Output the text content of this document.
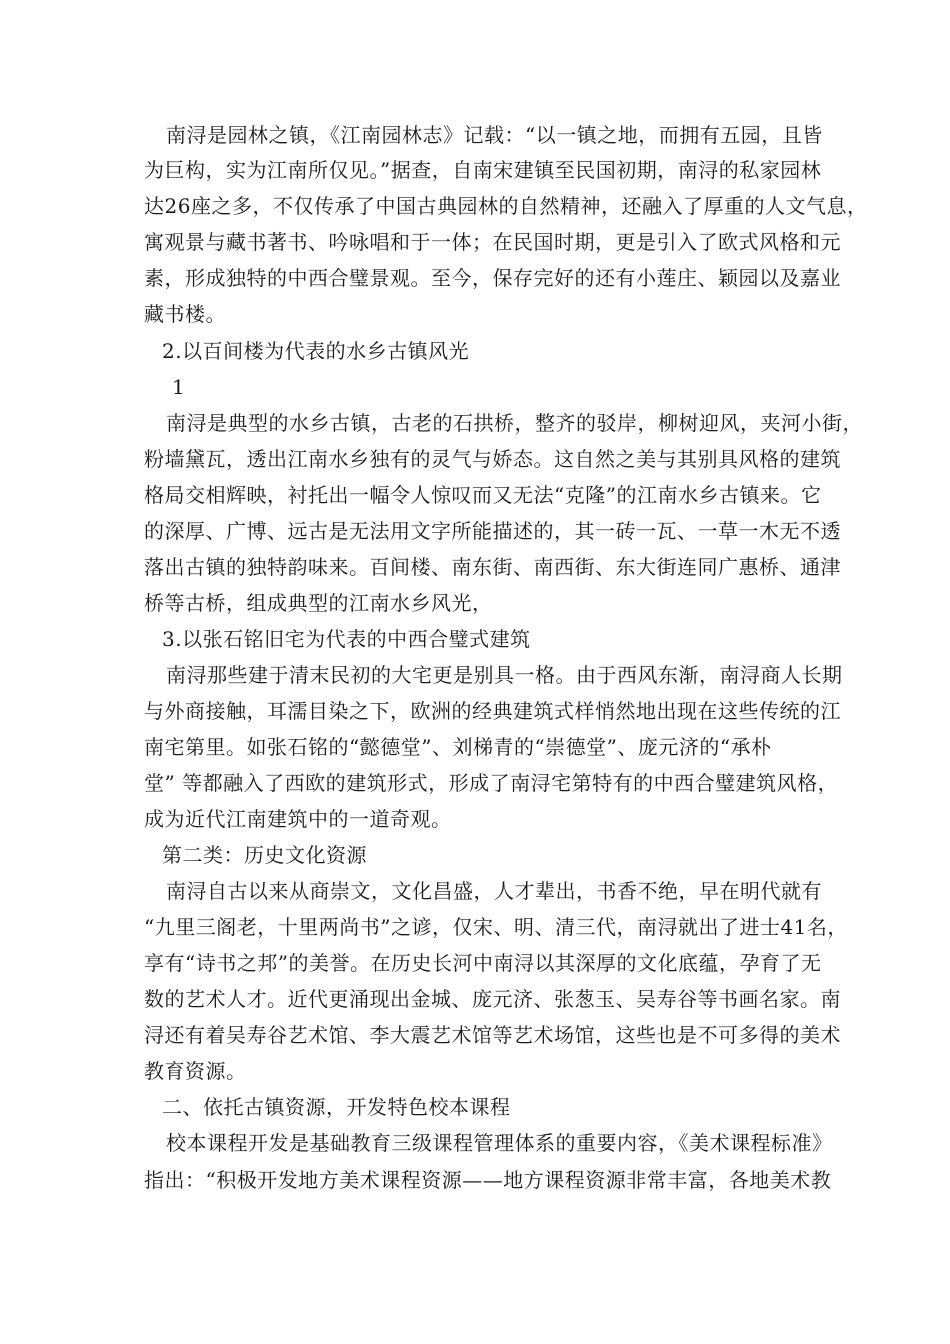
南浔是园林之镇，《江南园林志》记载：“以一镇之地，而拥有五园，且皆
为巨构，实为江南所仅见。”据查，自南宋建镇至民国初期，南浔的私家园林
达26座之多，不仅传承了中国古典园林的自然精神，还融入了厚重的人文气息，
寓观景与藏书著书、吟咏唱和于一体；在民国时期，更是引入了欧式风格和元
素，形成独特的中西合璧景观。至今，保存完好的还有小莲庄、颖园以及嘉业
藏书楼。
2.以百间楼为代表的水乡古镇风光
1
南浔是典型的水乡古镇，古老的石拱桥，整齐的驳岸，柳树迎风，夹河小街，
粉墙黛瓦，透出江南水乡独有的灵气与娇态。这自然之美与其别具风格的建筑
格局交相辉映，衬托出一幅令人惊叹而又无法“克隆”的江南水乡古镇来。它
的深厚、广博、远古是无法用文字所能描述的，其一砖一瓦、一草一木无不透
落出古镇的独特韵味来。百间楼、南东街、南西街、东大街连同广惠桥、通津
桥等古桥，组成典型的江南水乡风光，
3.以张石铭旧宅为代表的中西合璧式建筑
南浔那些建于清末民初的大宅更是别具一格。由于西风东渐，南浔商人长期
与外商接触，耳濡目染之下，欧洲的经典建筑式样悄然地出现在这些传统的江
南宅第里。如张石铭的“懿德堂”、刘梯青的“崇德堂”、庞元济的“承朴
堂” 等都融入了西欧的建筑形式，形成了南浔宅第特有的中西合璧建筑风格，
成为近代江南建筑中的一道奇观。
第二类：历史文化资源
南浔自古以来从商崇文，文化昌盛，人才辈出，书香不绝，早在明代就有
“九里三阁老，十里两尚书”之谚，仅宋、明、清三代，南浔就出了进士41名，
享有“诗书之邦”的美誉。在历史长河中南浔以其深厚的文化底蕴，孕育了无
数的艺术人才。近代更涌现出金城、庞元济、张葱玉、吴寿谷等书画名家。南
浔还有着吴寿谷艺术馆、李大震艺术馆等艺术场馆，这些也是不可多得的美术
教育资源。
二、依托古镇资源，开发特色校本课程
校本课程开发是基础教育三级课程管理体系的重要内容，《美术课程标准》
指出：“积极开发地方美术课程资源——地方课程资源非常丰富，各地美术教
